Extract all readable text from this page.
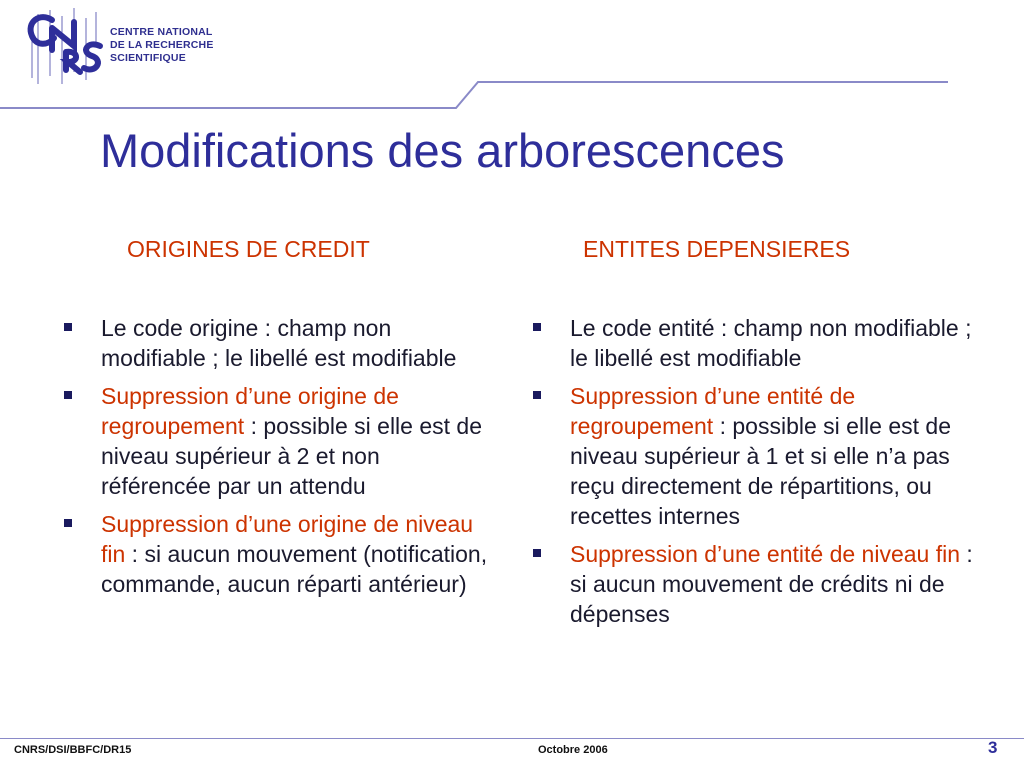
CENTRE NATIONAL
DE LA RECHERCHE
SCIENTIFIQUE
Modifications des arborescences
ORIGINES DE CREDIT
Le code origine : champ non modifiable ; le libellé est modifiable
Suppression d’une origine de regroupement : possible si elle est de niveau supérieur à 2 et non référencée par un attendu
Suppression d’une origine de niveau fin : si aucun mouvement (notification, commande, aucun réparti antérieur)
ENTITES DEPENSIERES
Le code entité : champ non modifiable ; le libellé est modifiable
Suppression d’une entité de regroupement : possible si elle est de niveau supérieur à 1 et si elle n’a pas reçu directement de répartitions, ou recettes internes
Suppression d’une entité de niveau fin : si aucun mouvement de crédits ni de dépenses
CNRS/DSI/BBFC/DR15	Octobre 2006	3
